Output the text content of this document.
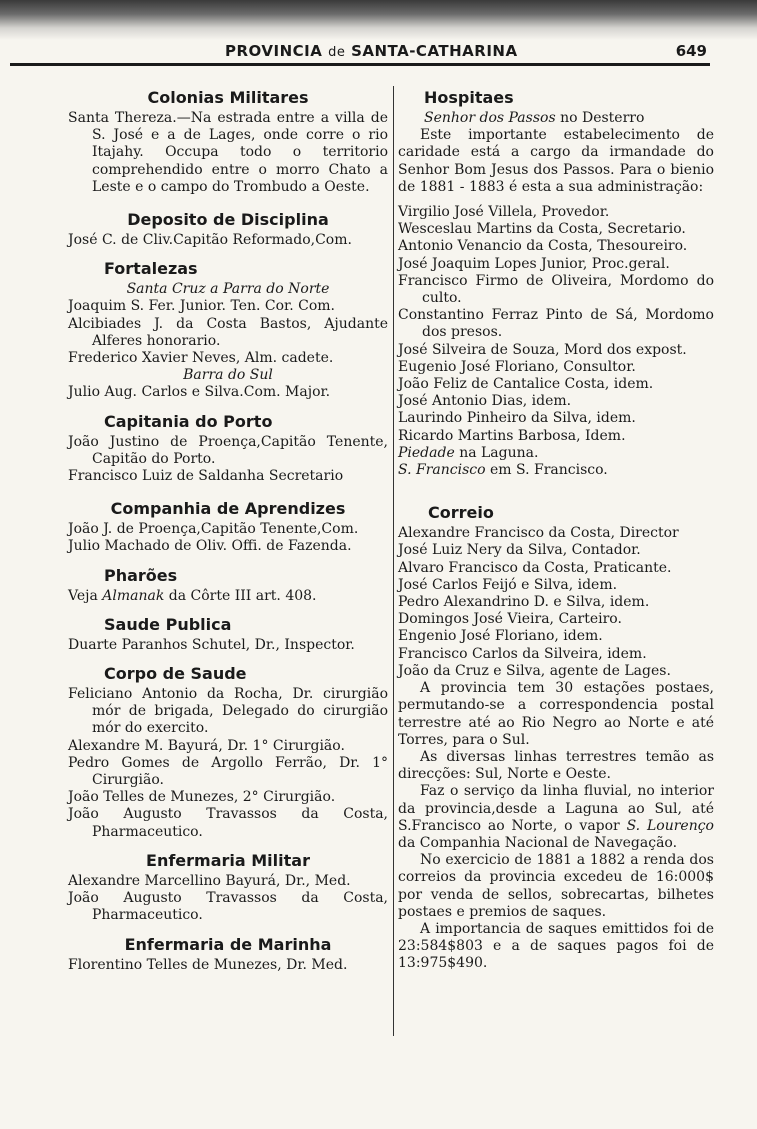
PROVINCIA de SANTA-CATHARINA	649
Colonias Militares

Santa Thereza.—Na estrada entre a villa de S. José e a de Lages, onde corre o rio Itajahy. Occupa todo o territorio comprehendido entre o morro Chato a Leste e o campo do Trombudo a Oeste.

Deposito de Disciplina

José C. de Cliv.Capitão Reformado,Com.

Fortalezas

Santa Cruz a Parra do Norte

Joaquim S. Fer. Junior. Ten. Cor. Com.

Alcibiades J. da Costa Bastos, Ajudante Alferes honorario.

Frederico Xavier Neves, Alm. cadete.

Barra do Sul

Julio Aug. Carlos e Silva.Com. Major.

Capitania do Porto

João Justino de Proença,Capitão Tenente, Capitão do Porto.

Francisco Luiz de Saldanha Secretario

Companhia de Aprendizes

João J. de Proença,Capitão Tenente,Com.

Julio Machado de Oliv. Offi. de Fazenda.

Pharões

Veja Almanak da Côrte III art. 408.

Saude Publica

Duarte Paranhos Schutel, Dr., Inspector.

Corpo de Saude

Feliciano Antonio da Rocha, Dr. cirurgião mór de brigada, Delegado do cirurgião mór do exercito.

Alexandre M. Bayurá, Dr. 1° Cirurgião.

Pedro Gomes de Argollo Ferrão, Dr. 1° Cirurgião.

João Telles de Munezes, 2° Cirurgião.

João Augusto Travassos da Costa, Pharmaceutico.

Enfermaria Militar

Alexandre Marcellino Bayurá, Dr., Med.

João Augusto Travassos da Costa, Pharmaceutico.

Enfermaria de Marinha

Florentino Telles de Munezes, Dr. Med.

Hospitaes

Senhor dos Passos no Desterro

Este importante estabelecimento de caridade está a cargo da irmandade do Senhor Bom Jesus dos Passos. Para o bienio de 1881 - 1883 é esta a sua administração:

Virgilio José Villela, Provedor.

Wesceslau Martins da Costa, Secretario.

Antonio Venancio da Costa, Thesoureiro.

José Joaquim Lopes Junior, Proc.geral.

Francisco Firmo de Oliveira, Mordomo do culto.

Constantino Ferraz Pinto de Sá, Mordomo dos presos.

José Silveira de Souza, Mord dos expost.

Eugenio José Floriano, Consultor.

João Feliz de Cantalice Costa, idem.

José Antonio Dias, idem.

Laurindo Pinheiro da Silva, idem.

Ricardo Martins Barbosa, Idem.

Piedade na Laguna.

S. Francisco em S. Francisco.

Correio

Alexandre Francisco da Costa, Director

José Luiz Nery da Silva, Contador.

Alvaro Francisco da Costa, Praticante.

José Carlos Feijó e Silva, idem.

Pedro Alexandrino D. e Silva, idem.

Domingos José Vieira, Carteiro.

Engenio José Floriano, idem.

Francisco Carlos da Silveira, idem.

João da Cruz e Silva, agente de Lages.

A provincia tem 30 estações postaes, permutando-se a correspondencia postal terrestre até ao Rio Negro ao Norte e até Torres, para o Sul.

As diversas linhas terrestres temão as direcções: Sul, Norte e Oeste.

Faz o serviço da linha fluvial, no interior da provincia,desde a Laguna ao Sul, até S.Francisco ao Norte, o vapor S. Lourenço da Companhia Nacional de Navegação.

No exercicio de 1881 a 1882 a renda dos correios da provincia excedeu de 16:000$ por venda de sellos, sobrecartas, bilhetes postaes e premios de saques.

A importancia de saques emittidos foi de 23:584$803 e a de saques pagos foi de 13:975$490.
